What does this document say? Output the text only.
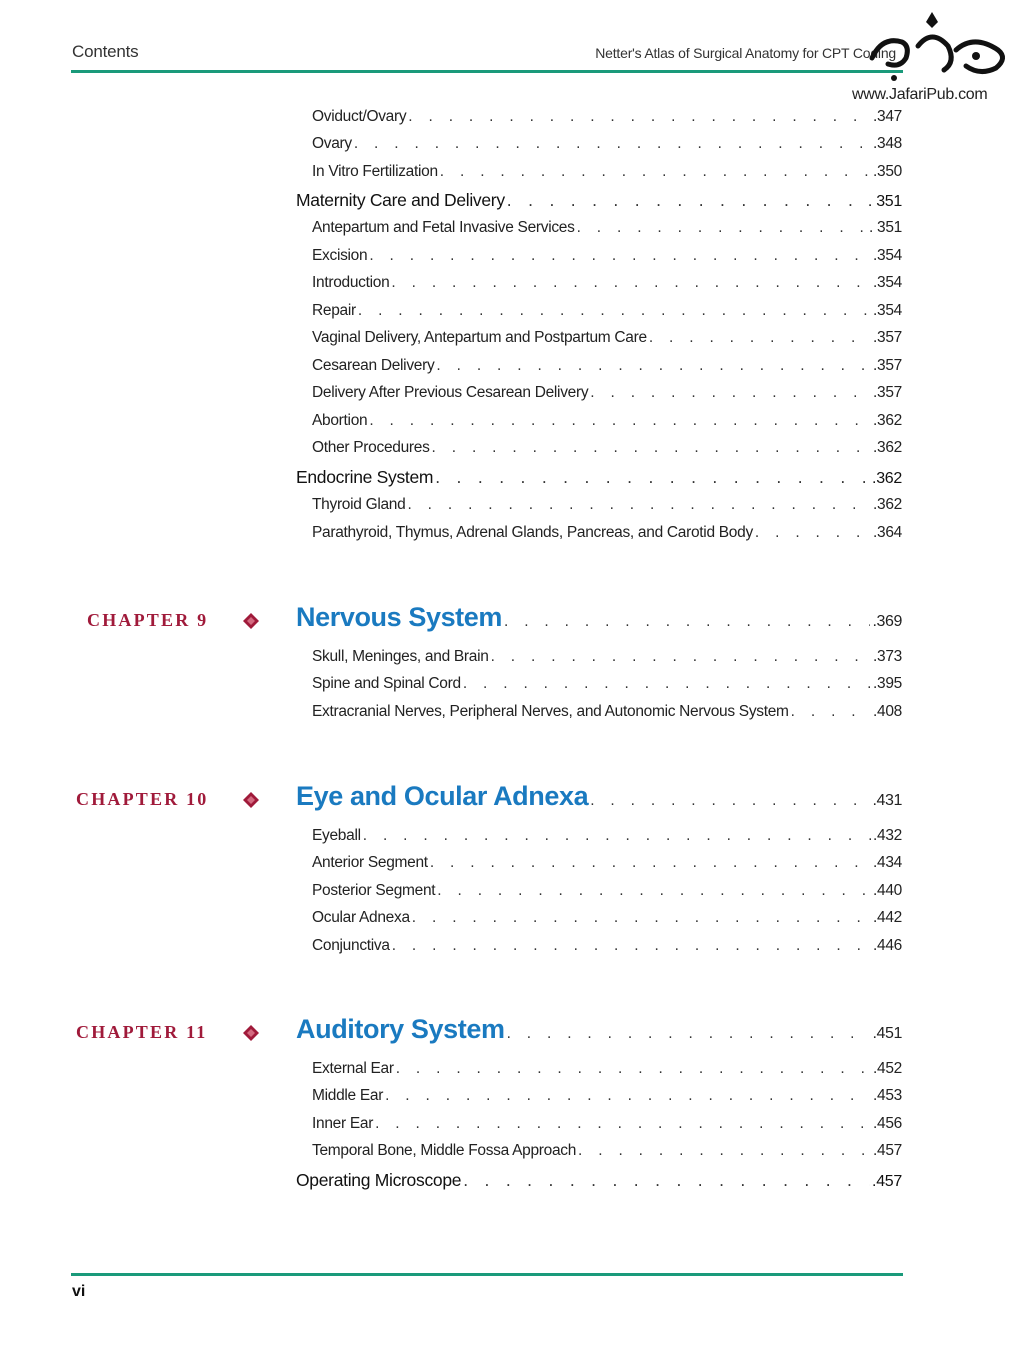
Contents	Netter's Atlas of Surgical Anatomy for CPT Coding
www.JafariPub.com
Oviduct/Ovary . . .	.347
Ovary . . .	.348
In Vitro Fertilization . . .	.350
Maternity Care and Delivery . . .	. 351
Antepartum and Fetal Invasive Services . . .	. 351
Excision . . .	.354
Introduction . . .	.354
Repair . . .	.354
Vaginal Delivery, Antepartum and Postpartum Care . . .	.357
Cesarean Delivery . . .	.357
Delivery After Previous Cesarean Delivery . . .	.357
Abortion . . .	.362
Other Procedures . . .	.362
Endocrine System . . .	.362
Thyroid Gland . . .	.362
Parathyroid, Thymus, Adrenal Glands, Pancreas, and Carotid Body . . .	.364
CHAPTER 9	Nervous System . . .	.369
Skull, Meninges, and Brain . . .	.373
Spine and Spinal Cord . . .	.395
Extracranial Nerves, Peripheral Nerves, and Autonomic Nervous System . . .	.408
CHAPTER 10	Eye and Ocular Adnexa . . .	.431
Eyeball . . .	.432
Anterior Segment . . .	.434
Posterior Segment . . .	.440
Ocular Adnexa . . .	.442
Conjunctiva . . .	.446
CHAPTER 11	Auditory System . . .	.451
External Ear . . .	.452
Middle Ear . . .	.453
Inner Ear . . .	.456
Temporal Bone, Middle Fossa Approach . . .	.457
Operating Microscope . . .	.457
vi
